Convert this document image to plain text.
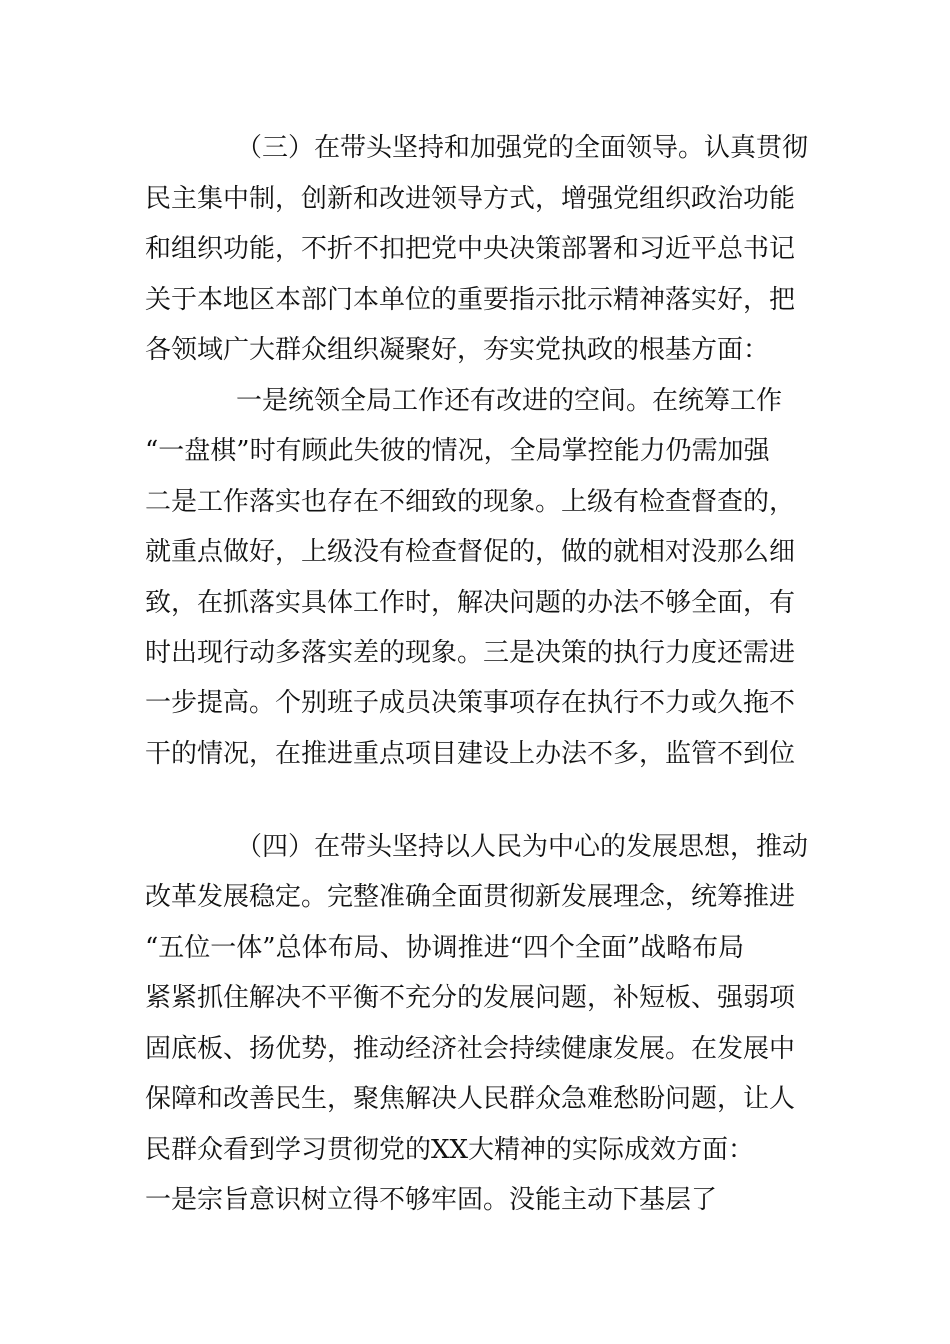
（三）在带头坚持和加强党的全面领导。认真贯彻
民主集中制，创新和改进领导方式，增强党组织政治功能
和组织功能，不折不扣把党中央决策部署和习近平总书记
关于本地区本部门本单位的重要指示批示精神落实好，把
各领域广大群众组织凝聚好，夯实党执政的根基方面：
一是统领全局工作还有改进的空间。在统筹工作
“一盘棋”时有顾此失彼的情况，全局掌控能力仍需加强
二是工作落实也存在不细致的现象。上级有检查督查的，
就重点做好，上级没有检查督促的，做的就相对没那么细
致，在抓落实具体工作时，解决问题的办法不够全面，有
时出现行动多落实差的现象。三是决策的执行力度还需进
一步提高。个别班子成员决策事项存在执行不力或久拖不
干的情况，在推进重点项目建设上办法不多，监管不到位
（四）在带头坚持以人民为中心的发展思想，推动
改革发展稳定。完整准确全面贯彻新发展理念，统筹推进
“五位一体”总体布局、协调推进“四个全面”战略布局
紧紧抓住解决不平衡不充分的发展问题，补短板、强弱项
固底板、扬优势，推动经济社会持续健康发展。在发展中
保障和改善民生，聚焦解决人民群众急难愁盼问题，让人
民群众看到学习贯彻党的XX大精神的实际成效方面：
一是宗旨意识树立得不够牢固。没能主动下基层了
